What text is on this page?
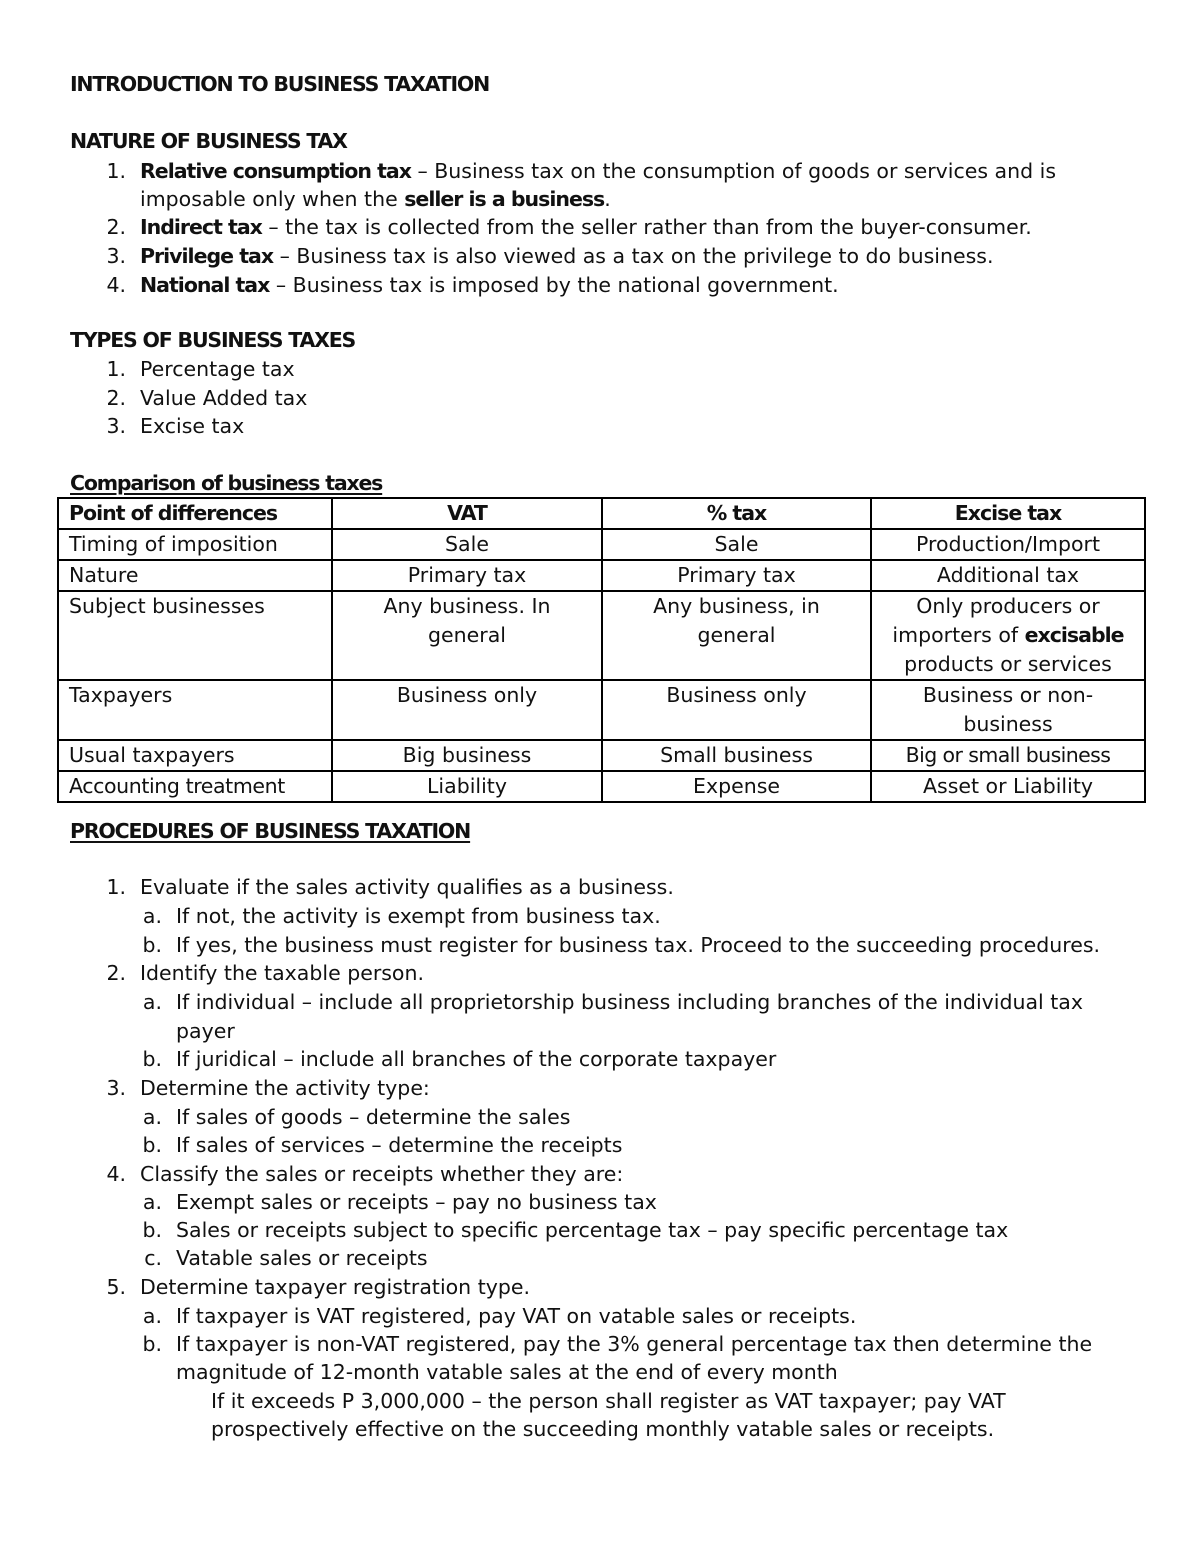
INTRODUCTION TO BUSINESS TAXATION
NATURE OF BUSINESS TAX
1. Relative consumption tax – Business tax on the consumption of goods or services and is
imposable only when the seller is a business.
2. Indirect tax – the tax is collected from the seller rather than from the buyer-consumer.
3. Privilege tax – Business tax is also viewed as a tax on the privilege to do business.
4. National tax – Business tax is imposed by the national government.
TYPES OF BUSINESS TAXES
1. Percentage tax
2. Value Added tax
3. Excise tax
Comparison of business taxes
Point of differences	VAT	% tax	Excise tax
Timing of imposition	Sale	Sale	Production/Import
Nature	Primary tax	Primary tax	Additional tax
Subject businesses	Any business. In general	Any business, in general	Only producers or importers of excisable
products or services
Taxpayers	Business only	Business only	Business or non-business
Usual taxpayers	Big business	Small business	Big or small business
Accounting treatment	Liability	Expense	Asset or Liability
PROCEDURES OF BUSINESS TAXATION
1. Evaluate if the sales activity qualifies as a business.
a. If not, the activity is exempt from business tax.
b. If yes, the business must register for business tax. Proceed to the succeeding procedures.
2. Identify the taxable person.
a. If individual – include all proprietorship business including branches of the individual tax
payer
b. If juridical – include all branches of the corporate taxpayer
3. Determine the activity type:
a. If sales of goods – determine the sales
b. If sales of services – determine the receipts
4. Classify the sales or receipts whether they are:
a. Exempt sales or receipts – pay no business tax
b. Sales or receipts subject to specific percentage tax – pay specific percentage tax
c. Vatable sales or receipts
5. Determine taxpayer registration type.
a. If taxpayer is VAT registered, pay VAT on vatable sales or receipts.
b. If taxpayer is non-VAT registered, pay the 3% general percentage tax then determine the
magnitude of 12-month vatable sales at the end of every month
If it exceeds P 3,000,000 – the person shall register as VAT taxpayer; pay VAT
prospectively effective on the succeeding monthly vatable sales or receipts.
